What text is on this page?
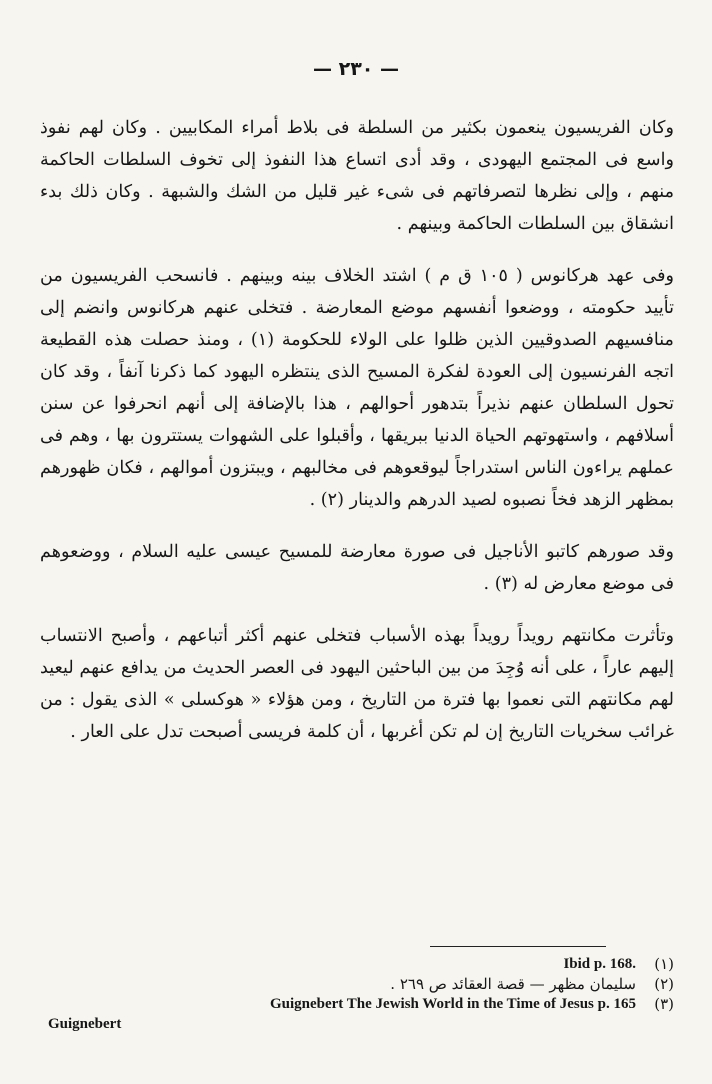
— ٢٣٠ —

وكان الفريسيون ينعمون بكثير من السلطة فى بلاط أمراء المكابيين . وكان لهم نفوذ واسع فى المجتمع اليهودى ، وقد أدى اتساع هذا النفوذ إلى تخوف السلطات الحاكمة منهم ، وإلى نظرها لتصرفاتهم فى شىء غير قليل من الشك والشبهة . وكان ذلك بدء انشقاق بين السلطات الحاكمة وبينهم .

وفى عهد هركانوس ( ١٠٥ ق م ) اشتد الخلاف بينه وبينهم . فانسحب الفريسيون من تأييد حكومته ، ووضعوا أنفسهم موضع المعارضة . فتخلى عنهم هركانوس وانضم إلى منافسيهم الصدوقيين الذين ظلوا على الولاء للحكومة (١) ، ومنذ حصلت هذه القطيعة اتجه الفرنسيون إلى العودة لفكرة المسيح الذى ينتظره اليهود كما ذكرنا آنفاً ، وقد كان تحول السلطان عنهم نذيراً بتدهور أحوالهم ، هذا بالإضافة إلى أنهم انحرفوا عن سنن أسلافهم ، واستهوتهم الحياة الدنيا ببريقها ، وأقبلوا على الشهوات يستترون بها ، وهم فى عملهم يراءون الناس استدراجاً ليوقعوهم فى مخالبهم ، ويبتزون أموالهم ، فكان ظهورهم بمظهر الزهد فخاً نصبوه لصيد الدرهم والدينار (٢) .

وقد صورهم كاتبو الأناجيل فى صورة معارضة للمسيح عيسى عليه السلام ، ووضعوهم فى موضع معارض له (٣) .

وتأثرت مكانتهم رويداً رويداً بهذه الأسباب فتخلى عنهم أكثر أتباعهم ، وأصبح الانتساب إليهم عاراً ، على أنه وُجِدَ من بين الباحثين اليهود فى العصر الحديث من يدافع عنهم ليعيد لهم مكانتهم التى نعموا بها فترة من التاريخ ، ومن هؤلاء « هوكسلى » الذى يقول : من غرائب سخريات التاريخ إن لم تكن أغربها ، أن كلمة فريسى أصبحت تدل على العار .

(١)
Ibid p. 168.
(٢)
سليمان مظهر — قصة العقائد ص ٢٦٩ .
(٣)
Guignebert The Jewish World in the Time of Jesus p. 165
Guignebert
